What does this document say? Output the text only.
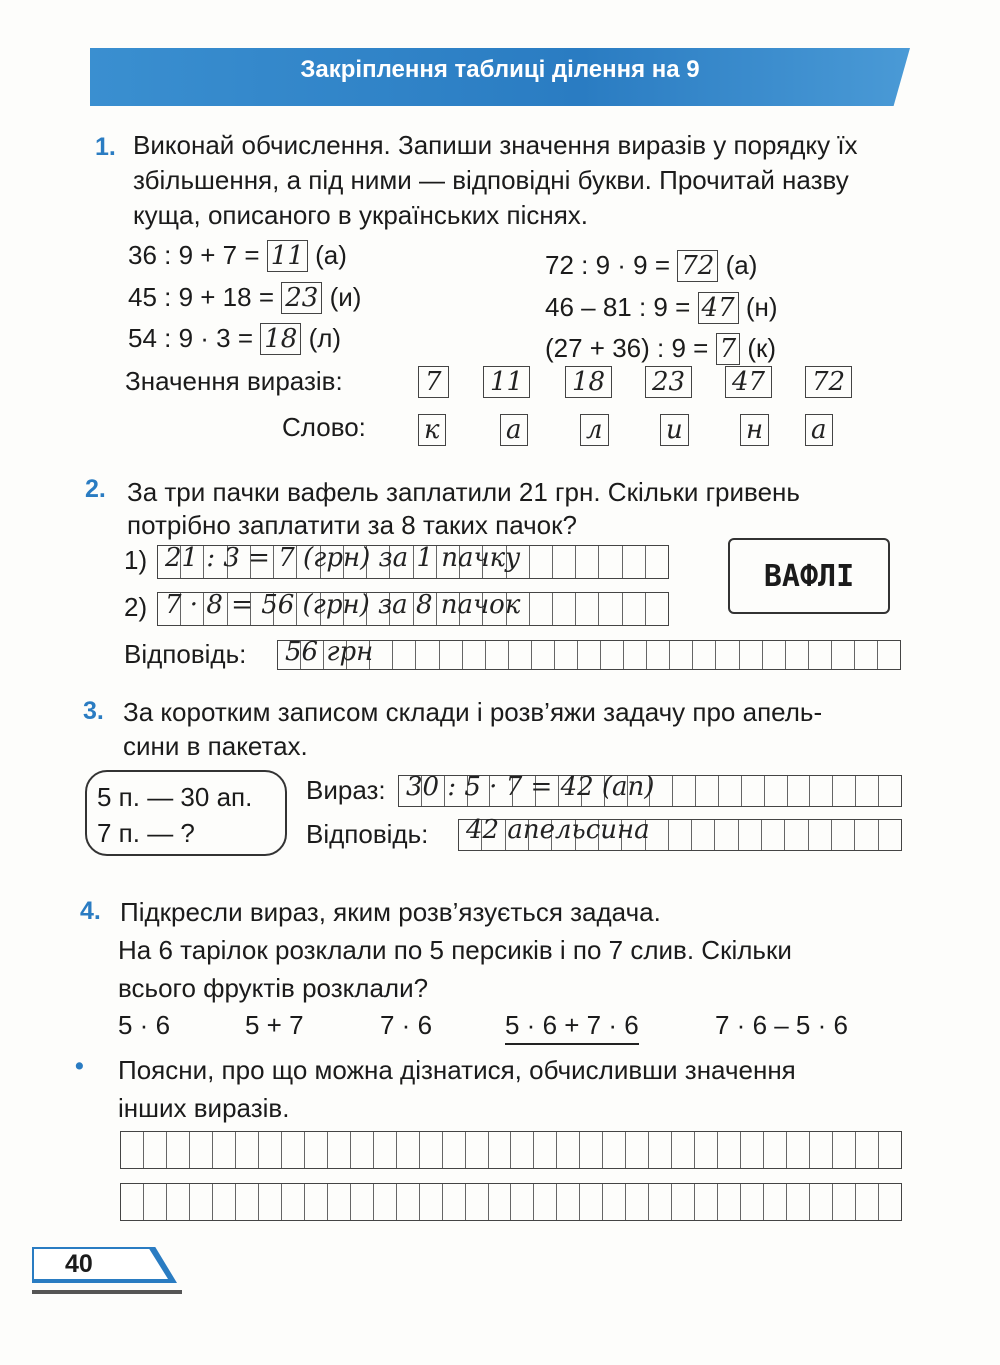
Закріплення таблиці ділення на 9
1. Виконай обчислення. Запиши значення виразів у порядку їх
збільшення, а під ними — відповідні букви. Прочитай назву
куща, описаного в українських піснях.
36 : 9 + 7 = 11 (а)
45 : 9 + 18 = 23 (и)
54 : 9 · 3 = 18 (л)
72 : 9 · 9 = 72 (а)
46 – 81 : 9 = 47 (н)
(27 + 36) : 9 = 7 (к)
Значення виразів:	7 11 18 23 47 72
Слово: к	а л и н а
2. За три пачки вафель заплатили 21 грн. Скільки гривень
потрібно заплатити за 8 таких пачок?
1) 21 : 3 = 7 (грн) за 1 пачку
2) 7 · 8 = 56 (грн) за 8 пачок
ВАФЛІ
Відповідь: 56 грн
3. За коротким записом склади і розв’яжи задачу про апель-
сини в пакетах.
5 п. — 30 ап.
7 п. — ?
Вираз: 30 : 5 · 7 = 42 (ап)
Відповідь: 42 апельсина
4. Підкресли вираз, яким розв’язується задача.
На 6 тарілок розклали по 5 персиків і по 7 слив. Скільки
всього фруктів розклали?
5 · 6	5 + 7	7 · 6	5 · 6 + 7 · 6	7 · 6 – 5 · 6
• Поясни, про що можна дізнатися, обчисливши значення
інших виразів.
40
